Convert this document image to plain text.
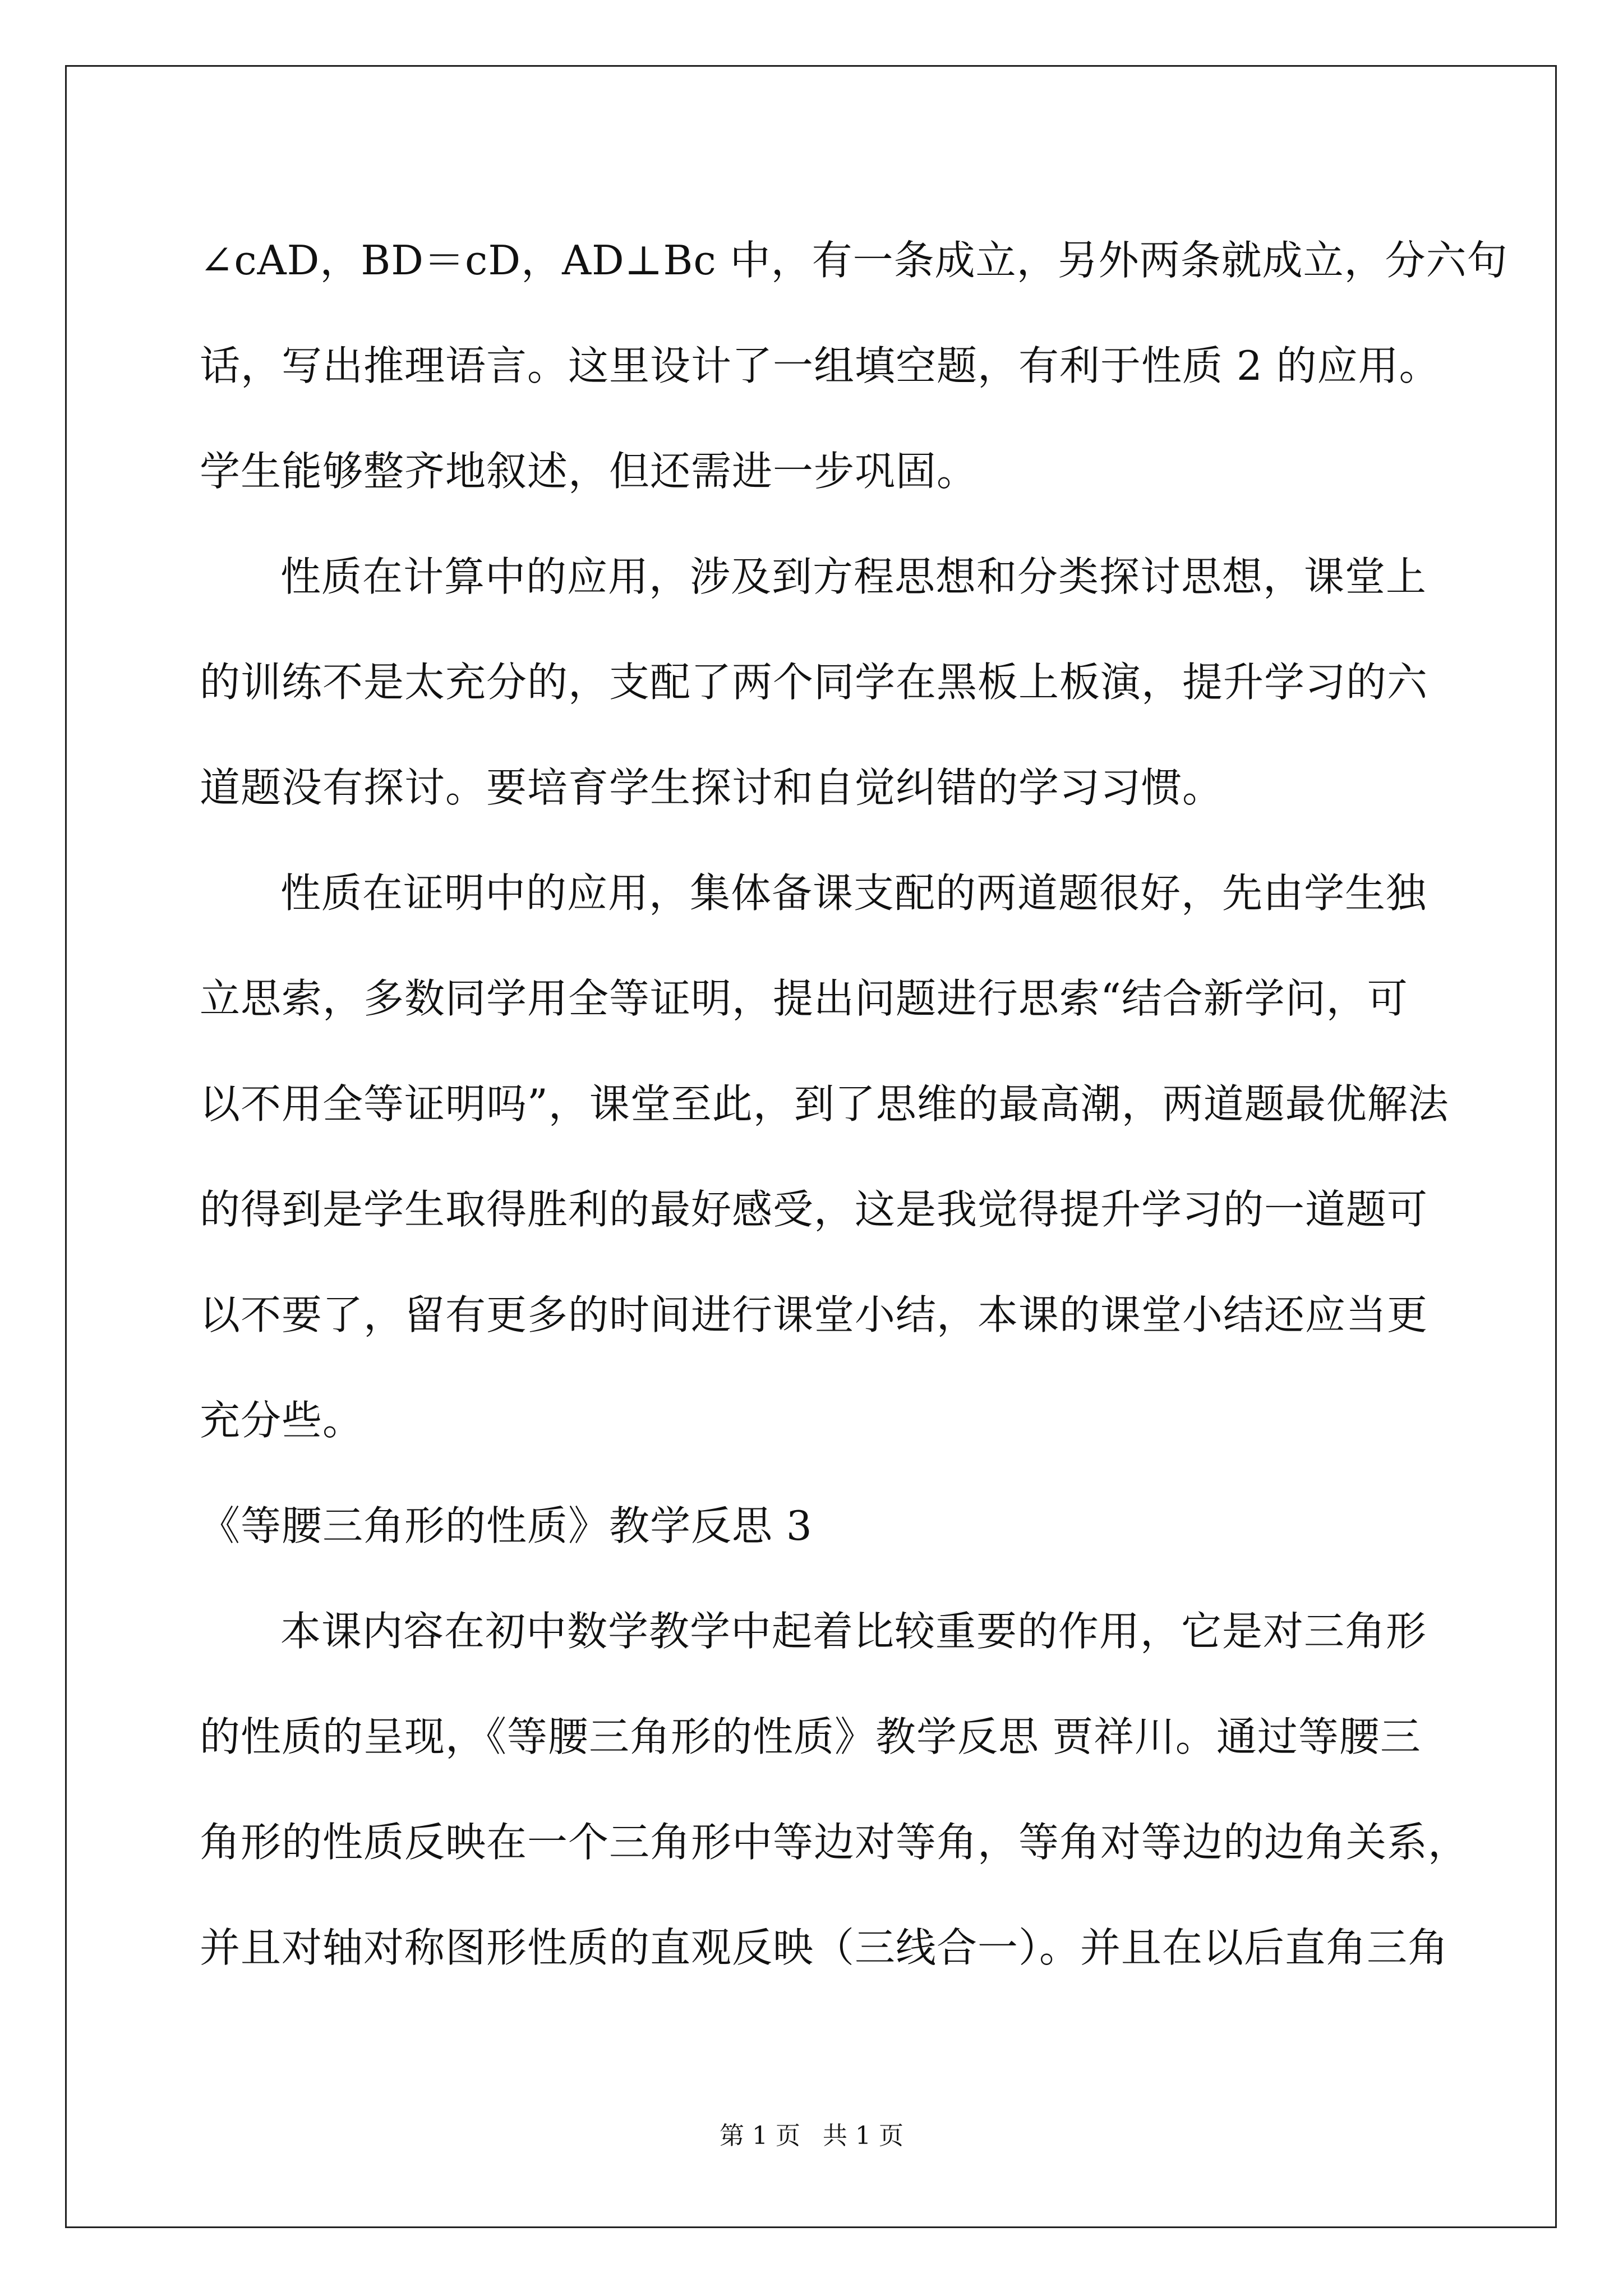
∠cAD，BD＝cD，AD⊥Bc 中，有一条成立，另外两条就成立，分六句
话，写出推理语言。这里设计了一组填空题，有利于性质 2 的应用。
学生能够整齐地叙述，但还需进一步巩固。
性质在计算中的应用，涉及到方程思想和分类探讨思想，课堂上
的训练不是太充分的，支配了两个同学在黑板上板演，提升学习的六
道题没有探讨。要培育学生探讨和自觉纠错的学习习惯。
性质在证明中的应用，集体备课支配的两道题很好，先由学生独
立思索，多数同学用全等证明，提出问题进行思索“结合新学问，可
以不用全等证明吗”，课堂至此，到了思维的最高潮，两道题最优解法
的得到是学生取得胜利的最好感受，这是我觉得提升学习的一道题可
以不要了，留有更多的时间进行课堂小结，本课的课堂小结还应当更
充分些。
《等腰三角形的性质》教学反思 3
本课内容在初中数学教学中起着比较重要的作用，它是对三角形
的性质的呈现，《等腰三角形的性质》教学反思 贾祥川。通过等腰三
角形的性质反映在一个三角形中等边对等角，等角对等边的边角关系，
并且对轴对称图形性质的直观反映（三线合一）。并且在以后直角三角
第 1 页 共 1 页
